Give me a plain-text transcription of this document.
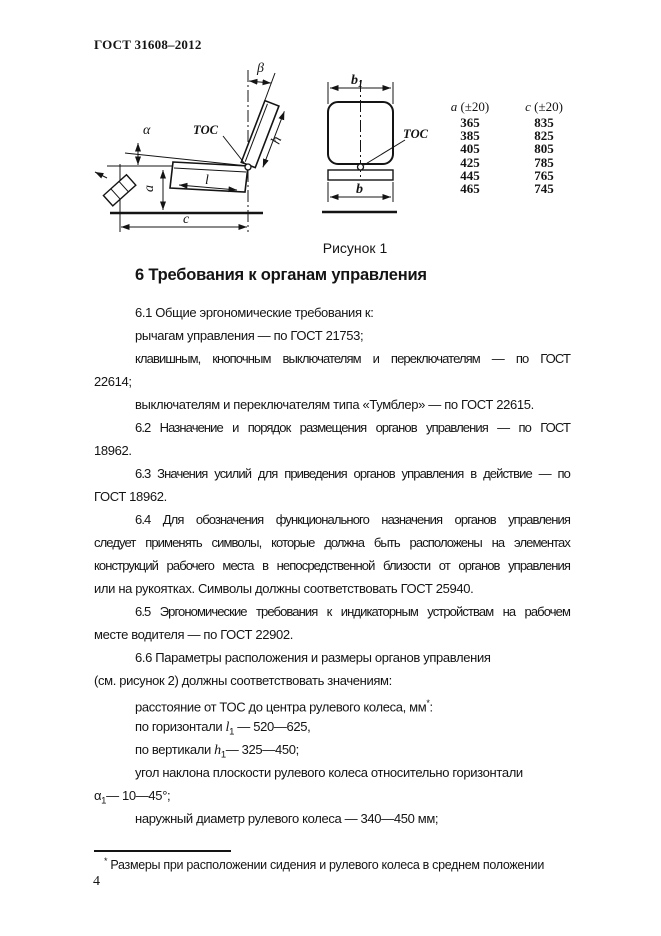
ГОСТ 31608–2012
β
α	ТОС
l
a
c
h	ТОС
$b_1$
b
a (±20)	c (±20)
365	835
385	825
405	805
425	785
445	765
465	745
Рисунок 1
6 Требования к органам управления
6.1 Общие эргономические требования к:
рычагам управления — по ГОСТ 21753;
клавишным, кнопочным выключателям и переключателям — по ГОСТ
22614;
выключателям и переключателям типа «Тумблер» — по ГОСТ 22615.
6.2 Назначение и порядок размещения органов управления — по ГОСТ
18962.
6.3 Значения усилий для приведения органов управления в действие — по
ГОСТ 18962.
6.4 Для обозначения функционального назначения органов управления
следует применять символы, которые должна быть расположены на элементах
конструкций рабочего места в непосредственной близости от органов управления
или на рукоятках. Символы должны соответствовать ГОСТ 25940.
6.5 Эргономические требования к индикаторным устройствам на рабочем
месте водителя — по ГОСТ 22902.
6.6 Параметры расположения и размеры органов управления
(см. рисунок 2) должны соответствовать значениям:
расстояние от ТОС до центра рулевого колеса, мм*:
по горизонтали $l_1$ — 520—625,
по вертикали $h_1—$ 325—450;
угол наклона плоскости рулевого колеса относительно горизонтали
$\alpha_1—$ 10—45°;
наружный диаметр рулевого колеса — 340—450 мм;
* Размеры при расположении сидения и рулевого колеса в среднем положении
4
